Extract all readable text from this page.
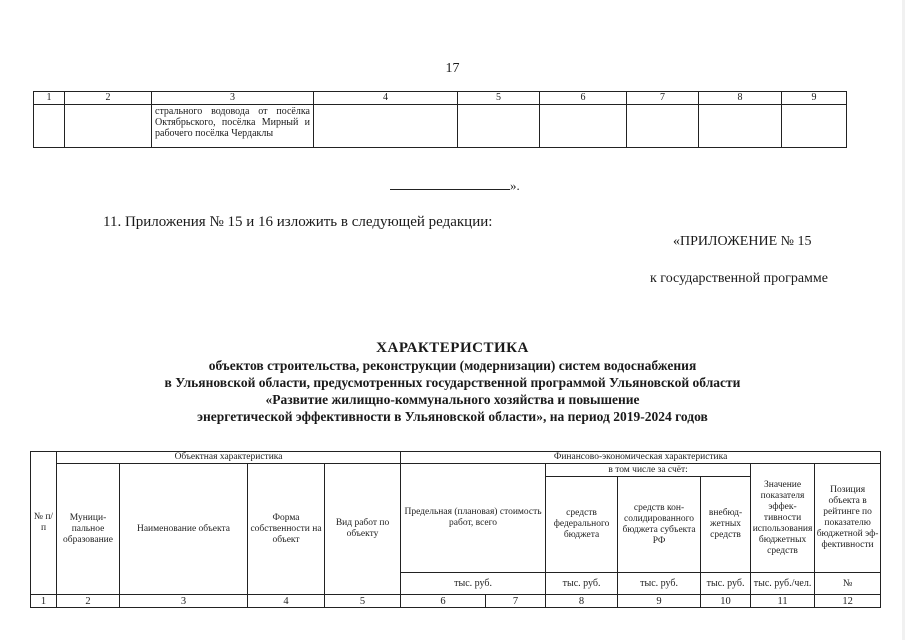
17
1	2	3	4	5	6	7	8	9
		стрального водовода от посёлка Октябрьского, посёлка Мирный и рабочего посёлка Чердаклы						
».
11. Приложения № 15 и 16 изложить в следующей редакции:
«ПРИЛОЖЕНИЕ № 15
к государственной программе
ХАРАКТЕРИСТИКА
объектов строительства, реконструкции (модернизации) систем водоснабжения
в Ульяновской области, предусмотренных государственной программой Ульяновской области
«Развитие жилищно-коммунального хозяйства и повышение
энергетической эффективности в Ульяновской области», на период 2019-2024 годов
№ п/п	Объектная характеристика				Финансово-экономическая характеристика						
	Муниципальное образование	Наименование объекта	Форма собственности на объект	Вид работ по объекту	Предельная (плановая) стоимость работ, всего		в том числе за счёт:			Значение показателя эффективности использования бюджетных средств	Позиция объекта в рейтинге по показателю бюджетной эффективности
							средств федерального бюджета	средств консолидированного бюджета субъекта РФ	внебюджетных средств		
					тыс. руб.		тыс. руб.	тыс. руб.	тыс. руб.	тыс. руб./чел.	№
1	2	3	4	5	6	7	8	9	10	11	12
